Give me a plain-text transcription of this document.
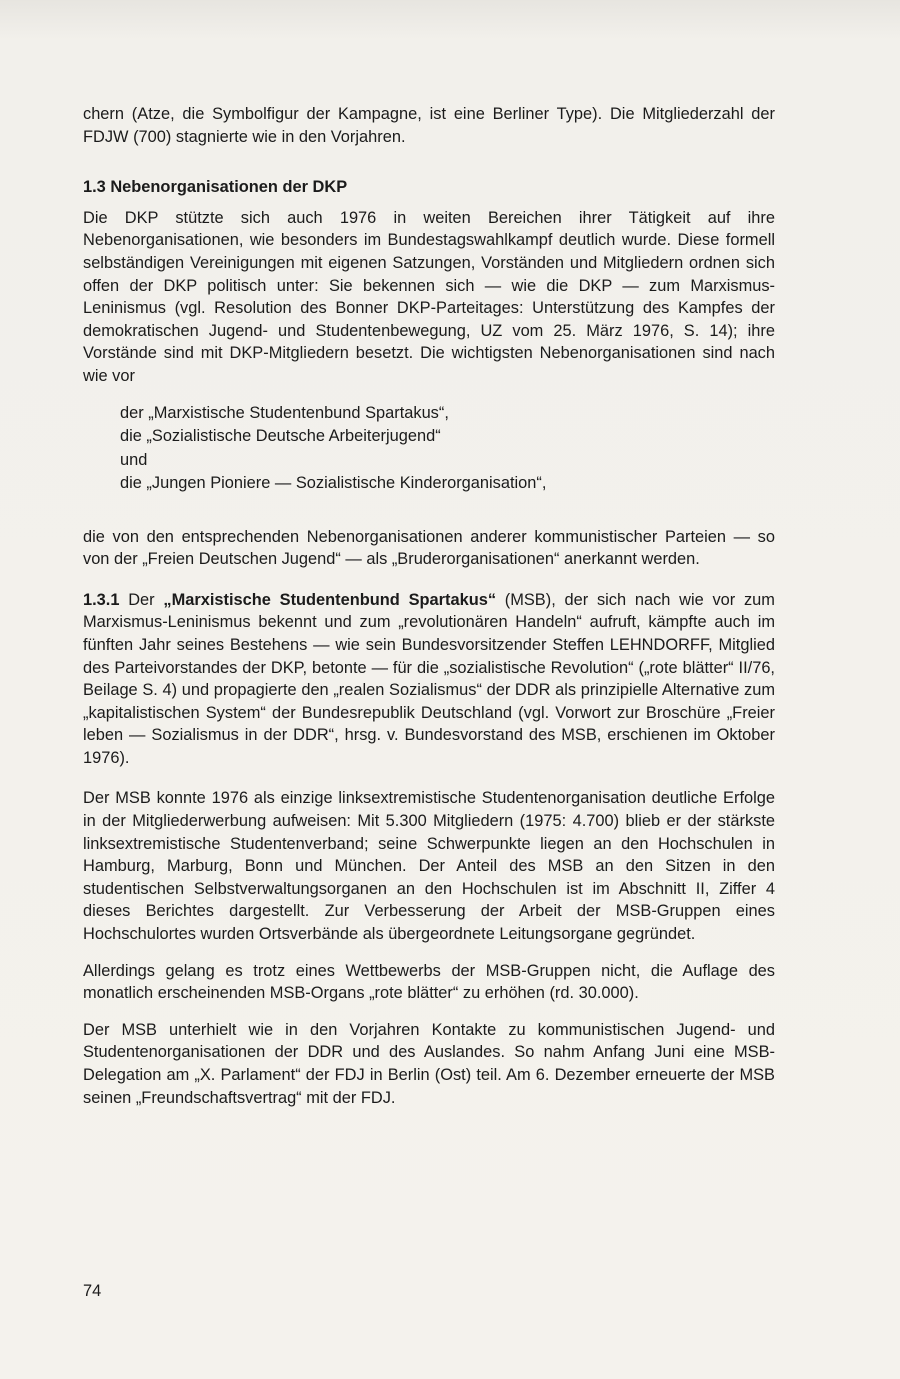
chern (Atze, die Symbolfigur der Kampagne, ist eine Berliner Type). Die Mitgliederzahl der FDJW (700) stagnierte wie in den Vorjahren.

1.3 Nebenorganisationen der DKP

Die DKP stützte sich auch 1976 in weiten Bereichen ihrer Tätigkeit auf ihre Nebenorganisationen, wie besonders im Bundestagswahlkampf deutlich wurde. Diese formell selbständigen Vereinigungen mit eigenen Satzungen, Vorständen und Mitgliedern ordnen sich offen der DKP politisch unter: Sie bekennen sich — wie die DKP — zum Marxismus-Leninismus (vgl. Resolution des Bonner DKP-Parteitages: Unterstützung des Kampfes der demokratischen Jugend- und Studentenbewegung, UZ vom 25. März 1976, S. 14); ihre Vorstände sind mit DKP-Mitgliedern besetzt. Die wichtigsten Nebenorganisationen sind nach wie vor

der „Marxistische Studentenbund Spartakus“,
die „Sozialistische Deutsche Arbeiterjugend“
und
die „Jungen Pioniere — Sozialistische Kinderorganisation“,

die von den entsprechenden Nebenorganisationen anderer kommunistischer Parteien — so von der „Freien Deutschen Jugend“ — als „Bruderorganisationen“ anerkannt werden.

1.3.1 Der „Marxistische Studentenbund Spartakus“ (MSB), der sich nach wie vor zum Marxismus-Leninismus bekennt und zum „revolutionären Handeln“ aufruft, kämpfte auch im fünften Jahr seines Bestehens — wie sein Bundesvorsitzender Steffen LEHNDORFF, Mitglied des Parteivorstandes der DKP, betonte — für die „sozialistische Revolution“ („rote blätter“ II/76, Beilage S. 4) und propagierte den „realen Sozialismus“ der DDR als prinzipielle Alternative zum „kapitalistischen System“ der Bundesrepublik Deutschland (vgl. Vorwort zur Broschüre „Freier leben — Sozialismus in der DDR“, hrsg. v. Bundesvorstand des MSB, erschienen im Oktober 1976).

Der MSB konnte 1976 als einzige linksextremistische Studentenorganisation deutliche Erfolge in der Mitgliederwerbung aufweisen: Mit 5.300 Mitgliedern (1975: 4.700) blieb er der stärkste linksextremistische Studentenverband; seine Schwerpunkte liegen an den Hochschulen in Hamburg, Marburg, Bonn und München. Der Anteil des MSB an den Sitzen in den studentischen Selbstverwaltungsorganen an den Hochschulen ist im Abschnitt II, Ziffer 4 dieses Berichtes dargestellt. Zur Verbesserung der Arbeit der MSB-Gruppen eines Hochschulortes wurden Ortsverbände als übergeordnete Leitungsorgane gegründet.

Allerdings gelang es trotz eines Wettbewerbs der MSB-Gruppen nicht, die Auflage des monatlich erscheinenden MSB-Organs „rote blätter“ zu erhöhen (rd. 30.000).

Der MSB unterhielt wie in den Vorjahren Kontakte zu kommunistischen Jugend- und Studentenorganisationen der DDR und des Auslandes. So nahm Anfang Juni eine MSB-Delegation am „X. Parlament“ der FDJ in Berlin (Ost) teil. Am 6. Dezember erneuerte der MSB seinen „Freundschaftsvertrag“ mit der FDJ.

74
